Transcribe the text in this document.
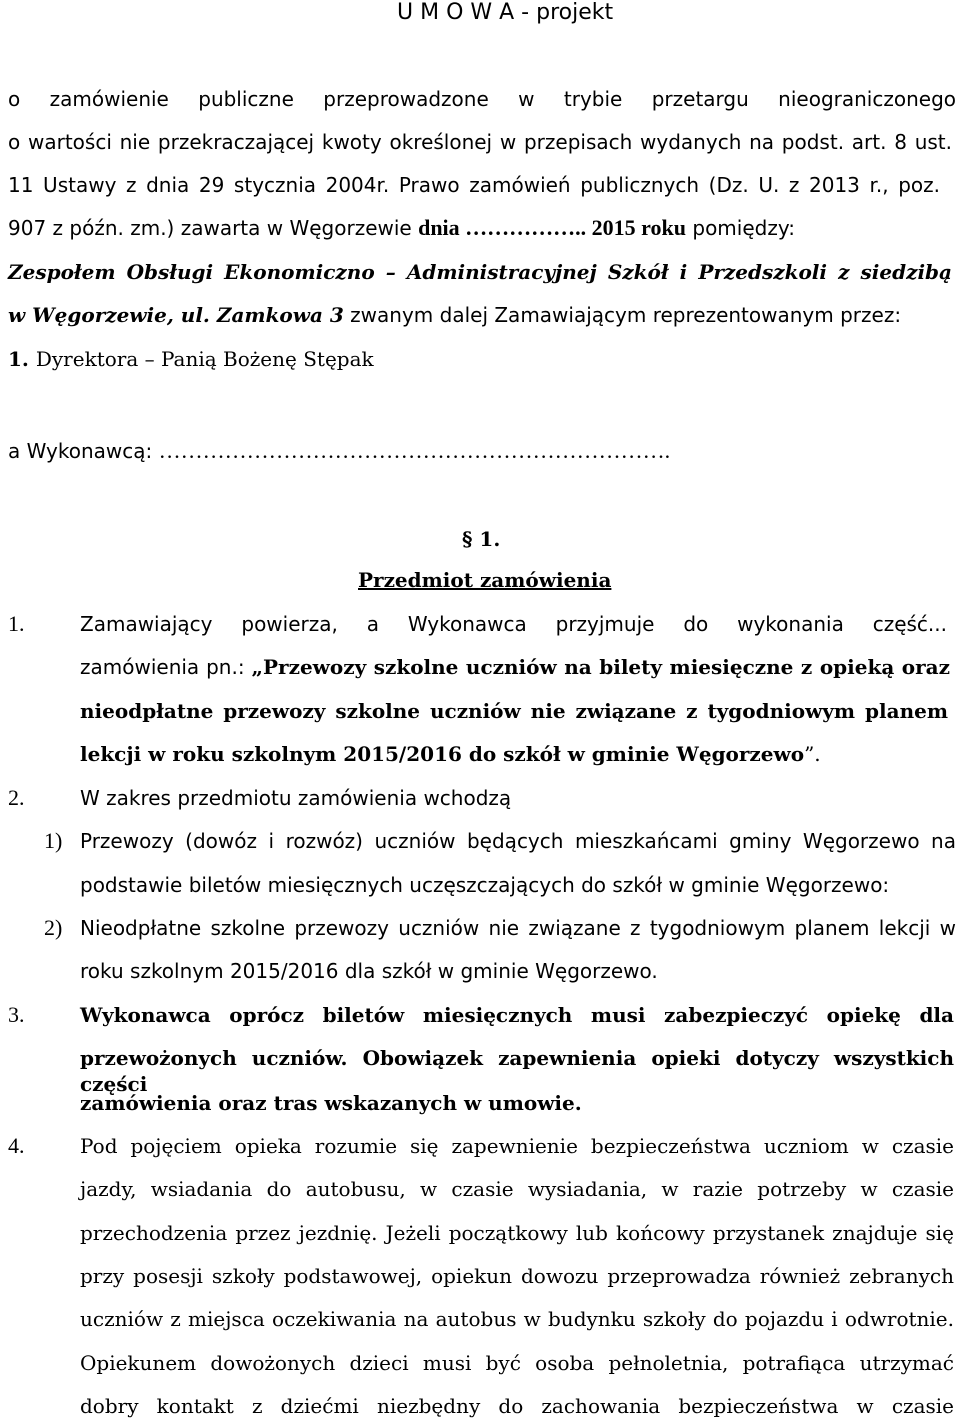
U M O W A - projekt
o zamówienie publiczne przeprowadzone w trybie przetargu nieograniczonego
o wartości nie przekraczającej kwoty określonej w przepisach wydanych na podst. art. 8 ust.
11 Ustawy z dnia 29 stycznia 2004r. Prawo zamówień publicznych (Dz. U. z 2013 r., poz.
907 z późn. zm.) zawarta w Węgorzewie dnia …………….. 2015 roku pomiędzy:
Zespołem Obsługi Ekonomiczno – Administracyjnej Szkół i Przedszkoli z siedzibą
w Węgorzewie, ul. Zamkowa 3 zwanym dalej Zamawiającym reprezentowanym przez:
1. Dyrektora – Panią Bożenę Stępak
a Wykonawcą: …………………………………………………………….
§ 1.
Przedmiot zamówienia
1.	Zamawiający powierza, a Wykonawca przyjmuje do wykonania część...
zamówienia pn.: „Przewozy szkolne uczniów na bilety miesięczne z opieką oraz
nieodpłatne przewozy szkolne uczniów nie związane z tygodniowym planem
lekcji w roku szkolnym 2015/2016 do szkół w gminie Węgorzewo”.
2.	W zakres przedmiotu zamówienia wchodzą
1) Przewozy (dowóz i rozwóz) uczniów będących mieszkańcami gminy Węgorzewo na
podstawie biletów miesięcznych uczęszczających do szkół w gminie Węgorzewo:
2) Nieodpłatne szkolne przewozy uczniów nie związane z tygodniowym planem lekcji w
roku szkolnym 2015/2016 dla szkół w gminie Węgorzewo.
3.	Wykonawca oprócz biletów miesięcznych musi zabezpieczyć opiekę dla
przewożonych uczniów. Obowiązek zapewnienia opieki dotyczy wszystkich części
zamówienia oraz tras wskazanych w umowie.
4.	Pod pojęciem opieka rozumie się zapewnienie bezpieczeństwa uczniom w czasie
jazdy, wsiadania do autobusu, w czasie wysiadania, w razie potrzeby w czasie
przechodzenia przez jezdnię. Jeżeli początkowy lub końcowy przystanek znajduje się
przy posesji szkoły podstawowej, opiekun dowozu przeprowadza również zebranych
uczniów z miejsca oczekiwania na autobus w budynku szkoły do pojazdu i odwrotnie.
Opiekunem dowożonych dzieci musi być osoba pełnoletnia, potrafiąca utrzymać
dobry kontakt z dziećmi niezbędny do zachowania bezpieczeństwa w czasie
